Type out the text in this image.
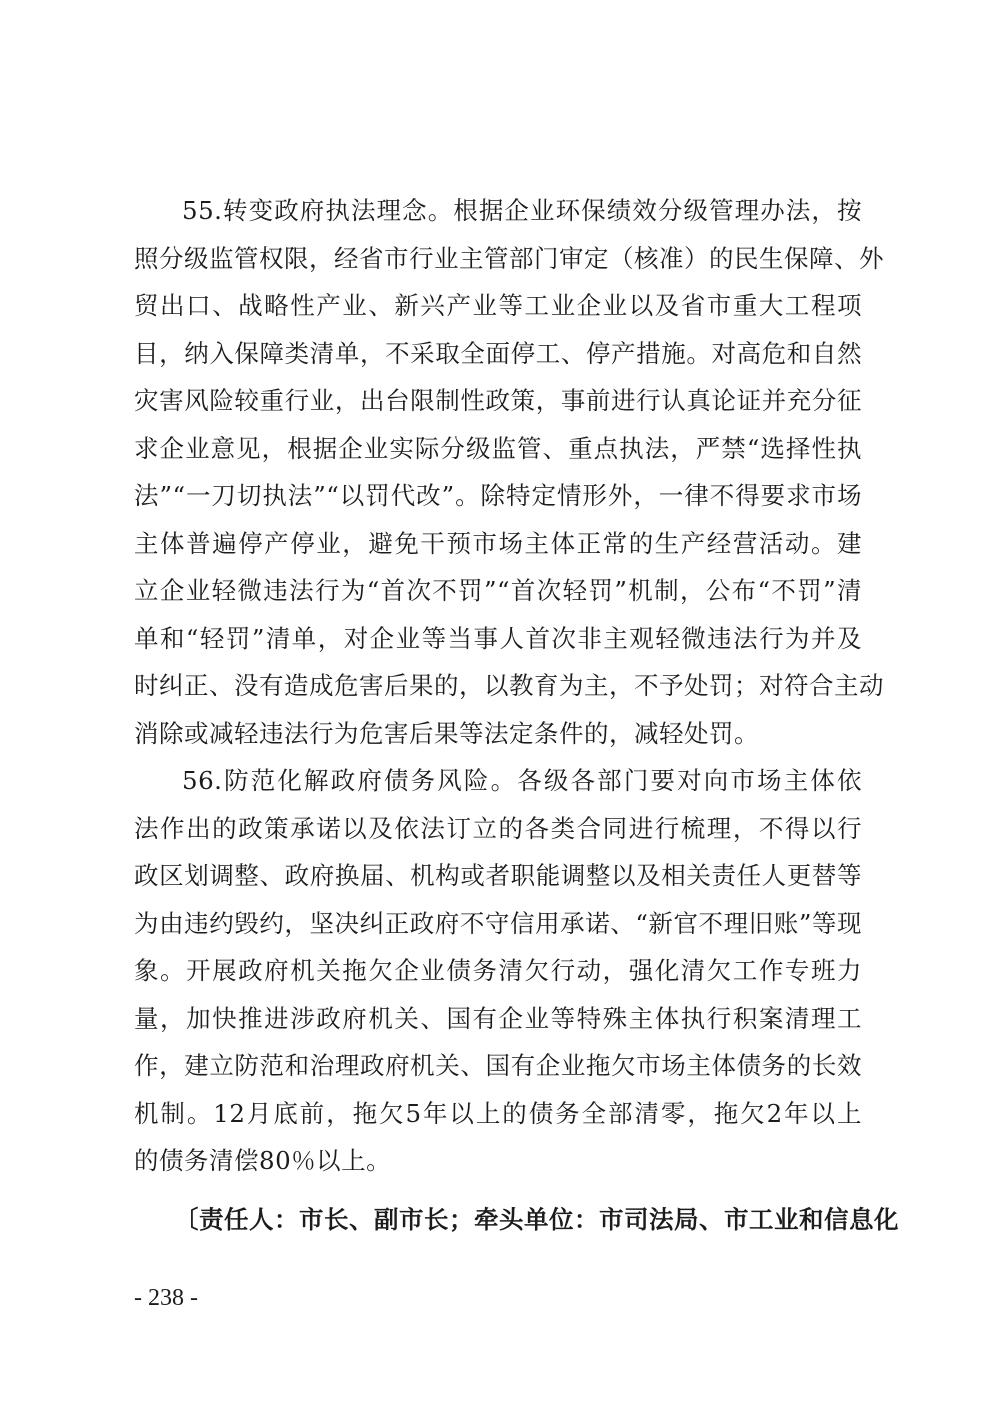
55.转变政府执法理念。根据企业环保绩效分级管理办法，按
照分级监管权限，经省市行业主管部门审定（核准）的民生保障、外
贸出口、战略性产业、新兴产业等工业企业以及省市重大工程项
目，纳入保障类清单，不采取全面停工、停产措施。对高危和自然
灾害风险较重行业，出台限制性政策，事前进行认真论证并充分征
求企业意见，根据企业实际分级监管、重点执法，严禁“选择性执
法”“一刀切执法”“以罚代改”。除特定情形外，一律不得要求市场
主体普遍停产停业，避免干预市场主体正常的生产经营活动。建
立企业轻微违法行为“首次不罚”“首次轻罚”机制，公布“不罚”清
单和“轻罚”清单，对企业等当事人首次非主观轻微违法行为并及
时纠正、没有造成危害后果的，以教育为主，不予处罚；对符合主动
消除或减轻违法行为危害后果等法定条件的，减轻处罚。
56.防范化解政府债务风险。各级各部门要对向市场主体依
法作出的政策承诺以及依法订立的各类合同进行梳理，不得以行
政区划调整、政府换届、机构或者职能调整以及相关责任人更替等
为由违约毁约，坚决纠正政府不守信用承诺、“新官不理旧账”等现
象。开展政府机关拖欠企业债务清欠行动，强化清欠工作专班力
量，加快推进涉政府机关、国有企业等特殊主体执行积案清理工
作，建立防范和治理政府机关、国有企业拖欠市场主体债务的长效
机制。12月底前，拖欠5年以上的债务全部清零，拖欠2年以上
的债务清偿80％以上。
〔责任人：市长、副市长；牵头单位：市司法局、市工业和信息化
- 238 -
